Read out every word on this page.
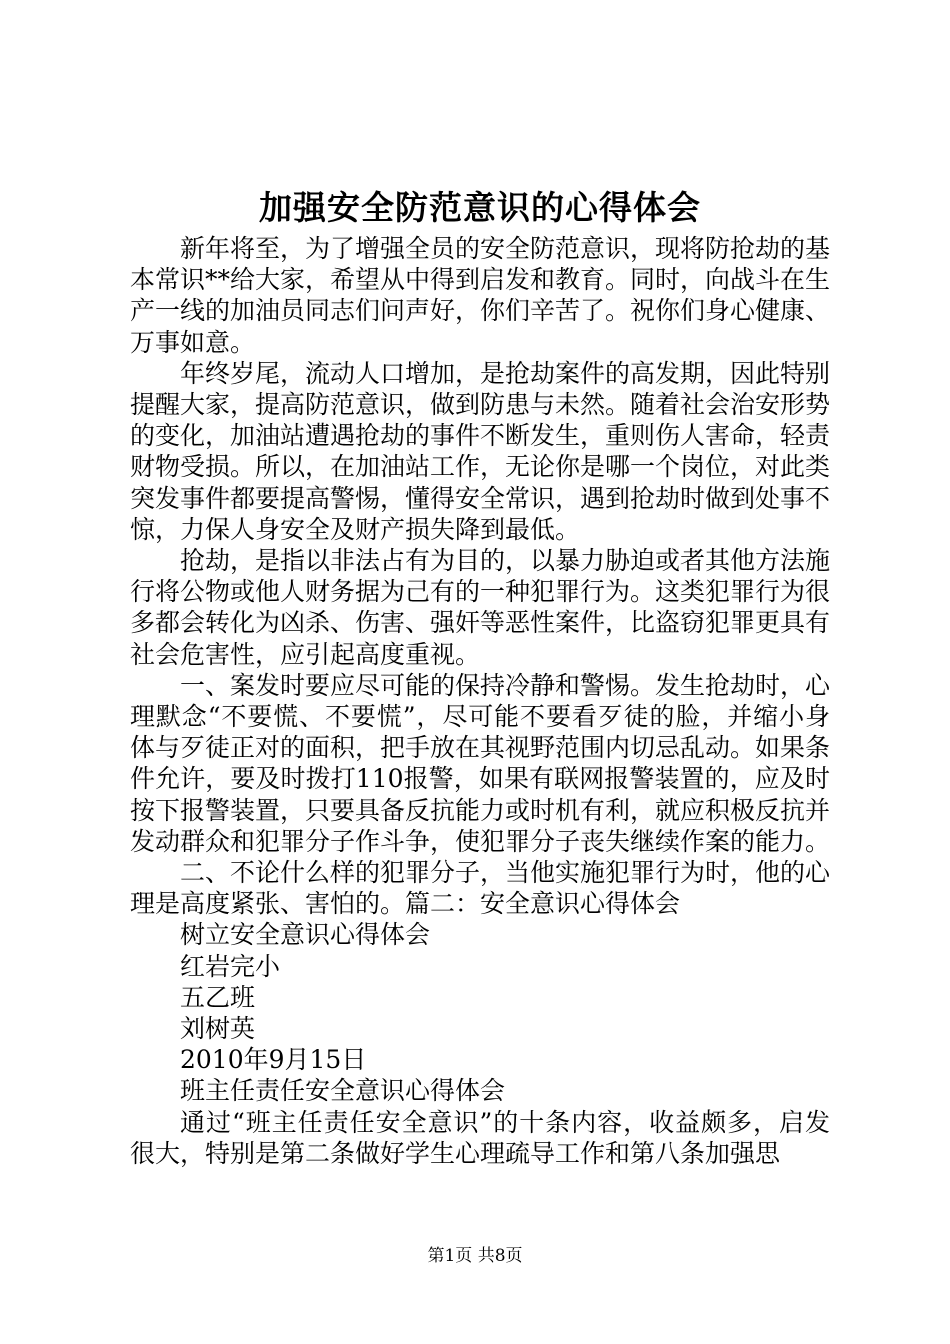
加强安全防范意识的心得体会

新年将至，为了增强全员的安全防范意识，现将防抢劫的基本常识**给大家，希望从中得到启发和教育。同时，向战斗在生产一线的加油员同志们问声好，你们辛苦了。祝你们身心健康、万事如意。

年终岁尾，流动人口增加，是抢劫案件的高发期，因此特别提醒大家，提高防范意识，做到防患与未然。随着社会治安形势的变化，加油站遭遇抢劫的事件不断发生，重则伤人害命，轻责财物受损。所以，在加油站工作，无论你是哪一个岗位，对此类突发事件都要提高警惕，懂得安全常识，遇到抢劫时做到处事不惊，力保人身安全及财产损失降到最低。

抢劫，是指以非法占有为目的，以暴力胁迫或者其他方法施行将公物或他人财务据为己有的一种犯罪行为。这类犯罪行为很多都会转化为凶杀、伤害、强奸等恶性案件，比盗窃犯罪更具有社会危害性，应引起高度重视。

一、案发时要应尽可能的保持冷静和警惕。发生抢劫时，心理默念“不要慌、不要慌”，尽可能不要看歹徒的脸，并缩小身体与歹徒正对的面积，把手放在其视野范围内切忌乱动。如果条件允许，要及时拨打110报警，如果有联网报警装置的，应及时按下报警装置，只要具备反抗能力或时机有利，就应积极反抗并发动群众和犯罪分子作斗争，使犯罪分子丧失继续作案的能力。

二、不论什么样的犯罪分子，当他实施犯罪行为时，他的心理是高度紧张、害怕的。篇二：安全意识心得体会

树立安全意识心得体会

红岩完小

五乙班

刘树英

2010年9月15日

班主任责任安全意识心得体会

通过“班主任责任安全意识”的十条内容，收益颇多，启发很大，特别是第二条做好学生心理疏导工作和第八条加强思

第1页 共8页
